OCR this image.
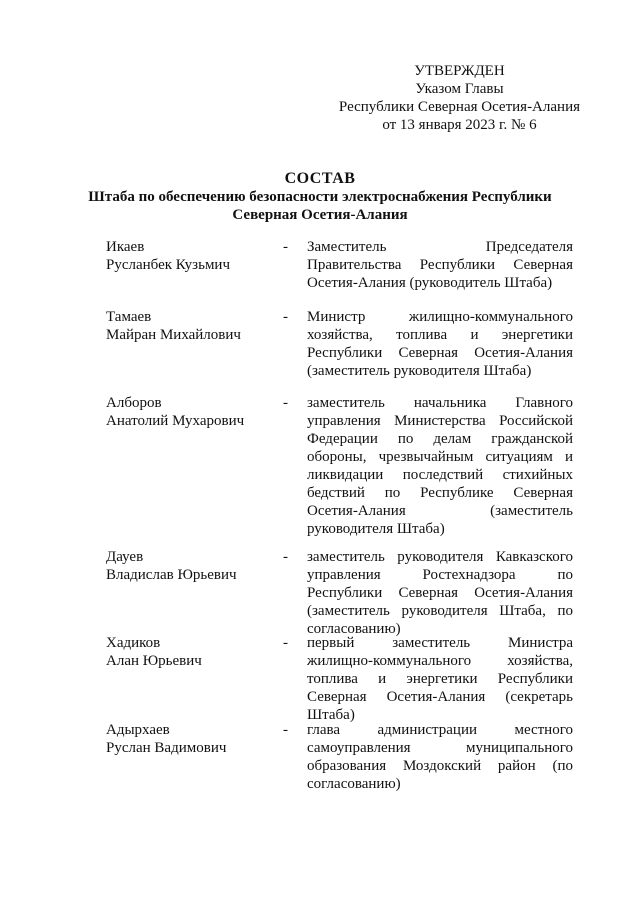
УТВЕРЖДЕН
Указом Главы
Республики Северная Осетия-Алания
от 13 января 2023 г. № 6
СОСТАВ
Штаба по обеспечению безопасности электроснабжения Республики Северная Осетия-Алания
Икаев
Русланбек Кузьмич
- Заместитель Председателя Правительства Республики Северная Осетия-Алания (руководитель Штаба)
Тамаев
Майран Михайлович
- Министр жилищно-коммунального хозяйства, топлива и энергетики Республики Северная Осетия-Алания (заместитель руководителя Штаба)
Алборов
Анатолий Мухарович
- заместитель начальника Главного управления Министерства Российской Федерации по делам гражданской обороны, чрезвычайным ситуациям и ликвидации последствий стихийных бедствий по Республике Северная Осетия-Алания (заместитель руководителя Штаба)
Дауев
Владислав Юрьевич
- заместитель руководителя Кавказского управления Ростехнадзора по Республики Северная Осетия-Алания (заместитель руководителя Штаба, по согласованию)
Хадиков
Алан Юрьевич
- первый заместитель Министра жилищно-коммунального хозяйства, топлива и энергетики Республики Северная Осетия-Алания (секретарь Штаба)
Адырхаев
Руслан Вадимович
- глава администрации местного самоуправления муниципального образования Моздокский район (по согласованию)
